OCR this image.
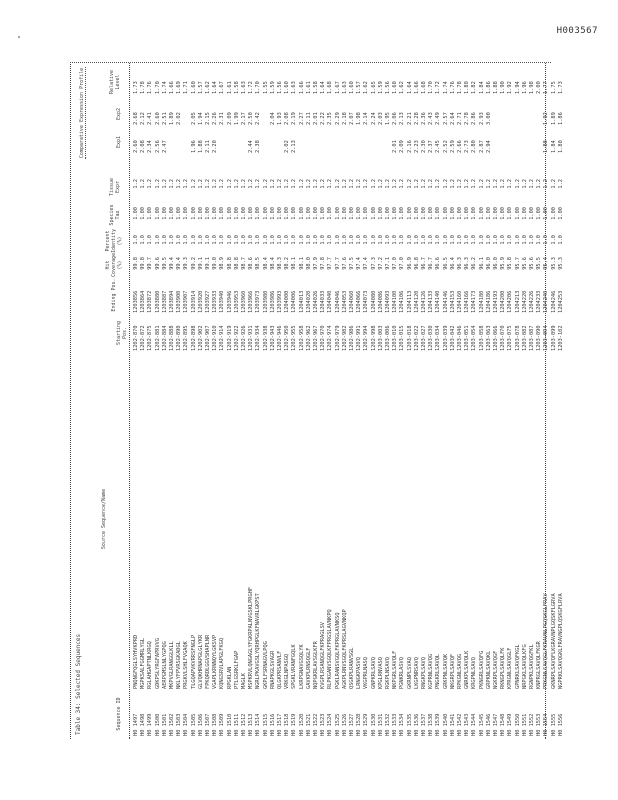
H003567
Table 34: Selected Sequences	Sequence ID
Source Sequence/Name
Starting Pos.
Ending Pos.
Hit Coverage (%)
Percent Identity (%)
Species Tax
Tissue Expr
Comparative Expression Profile	Exp1
Exp2
Relative Level
H0 1497
PNQNGFQGLSYHVKPRD
1202-870
1203856
99.8
1.0
1.00
1.2
2.60
2.68
1.73
H0 1498
MGPKSALFGGMRLYGL
1202-872
1203864
99.8
1.0
1.00
1.2
2.08
2.12
1.78
H0 1499
RGLAHGAPTNLKRGQ
1202-875
1203872
99.7
1.0
1.00
1.2
2.34
2.41
1.76
H0 1500
GDKPSLYRGFAPRVVG
1202-881
1203880
99.6
1.0
1.00
1.2
2.56
2.60
1.70
H0 1501
AERPGMSLNLYGPQG
1202-884
1203887
99.5
1.0
1.00
1.2
2.47
2.51
1.74
H0 1502
MKPVGLRANGGLKLL
1202-888
1203894
99.4
1.0
1.00
1.2
1.89
1.66
H0 1503
NKLYFPVRSGKADGL
1202-890
1203900
99.4
1.0
1.00
1.2
2.02
1.69
H0 1504
PRGKVLSHLFVGAQK
1202-895
1203907
99.3
1.0
1.00
1.2
1.71
H0 1505
TLGQAPVKVRRSFNGLP
1202-898
1203914
99.2
1.0
1.00
1.2
1.96
2.05
1.60
H0 1506
GLVQKHRNAPGLGLYKR
1202-902
1203920
99.1
1.0
1.00
1.2
1.88
1.94
1.57
H0 1507
FPKQRDLGGVSHAPLNR
1202-907
1203927
99.1
1.0
1.00
1.2
2.11
2.15
1.62
H0 1508
VGAPLKRNNQYLGKSVP
1202-910
1203933
99.0
1.0
1.00
1.2
2.20
2.26
1.64
H0 1509
KQNGSRVLAPGLFKGQ
1202-914
1203940
98.9
1.0
1.00
1.2
2.31
1.67
H0 1510
RPGKLAN
1202-919
1203946
98.8
1.0
1.00
1.2
2.09
1.61
H0 1511
PTLGSRKLFGAP
1202-922
1203953
98.8
1.0
1.00
1.2
1.99
1.58
H0 1512
MAGLK
1202-926
1203960
98.7
1.0
1.00
1.2
2.17
1.63
H0 1513
MSPKRVLQNGAGLYFGKRPALNVGSKLPRGHF
1202-931
1203966
98.6
1.0
1.00
1.2
2.44
2.50
1.72
H0 1514
NGRLPKAVGSLYQRHPGLKFNAVRLGKPST
1202-934
1203973
98.5
1.0
1.00
1.2
2.38
2.42
1.70
H0 1515
GKPLFSRNAGVLPQG
1202-938
1203980
98.4
1.0
1.00
1.2
1.55
H0 1516
RNAPKGLSVAGR
1202-943
1203986
98.4
1.0
1.00
1.2
2.04
1.59
H0 1517
QLGKPRSANVLF
1202-946
1203993
98.3
1.0
1.00
1.2
1.93
1.56
H0 1518
VRKGLNPASGQ
1202-950
1204000
98.2
1.0
1.00
1.2
2.02
2.08
1.60
H0 1519
SPGKLVRANFGQLK
1202-955
1204006
98.1
1.0
1.00
1.2
2.13
2.19
1.63
H0 1520
LKRPGNAVGSQLYK
1202-958
1204013
98.1
1.0
1.00
1.2
2.27
1.66
H0 1521
GAVKPLRNSQGLF
1202-962
1204020
98.0
1.0
1.00
1.2
2.11
1.61
H0 1522
NQPGKRLAVSGLKFR
1202-967
1204026
97.9
1.0
1.00
1.2
2.01
1.58
H0 1523
KVGPLRSANQGLFKPRAGLSV
1202-970
1204033
97.8
1.0
1.00
1.2
2.22
1.64
H0 1524
RLPKGANVSGQLKFPRGSLAVNKPQ
1202-974
1204040
97.7
1.0
1.00
1.2
2.35
1.68
H0 1525
PGKLRANSVGQLFKPRGLAVNKSQ
1202-979
1204046
97.7
1.0
1.00
1.2
2.29
1.67
H0 1526
AGKPLRNVSGQLFKPRSLAGVNKQP
1202-982
1204053
97.6
1.0
1.00
1.2
2.18
1.63
H0 1527
QSGKPLRANVSGL
1202-986
1204060
97.5
1.0
1.00
1.2
2.07
1.60
H0 1528
LRNGKPASVQ
1202-991
1204066
97.4
1.0
1.00
1.2
1.98
1.57
H0 1529
VKGPRLNASQ
1202-994
1204073
97.4
1.0
1.00
1.2
2.14
1.62
H0 1530
GNPKRLSAVQ
1202-998
1204080
97.3
1.0
1.00
1.2
2.24
1.65
H0 1531
KPGLRNVASQ
1203-003
1204086
97.2
1.0
1.00
1.2
2.03
1.59
H0 1532
RGKPLNSAVQ
1203-006
1204093
97.1
1.0
1.00
1.2
1.95
1.56
H0 1533
NKPGRLSAVQLF
1203-010
1204100
97.0
1.0
1.00
1.2
2.01
2.06
1.60
H0 1534
PGNKRLASVQ
1203-015
1204106
97.0
1.0
1.00
1.2
2.09
2.13
1.62
H0 1535
GKRNPLSVAQ
1203-018
1204113
96.9
1.0
1.00
1.2
2.16
2.21
1.64
H0 1536
LKGPNRSAVQ
1203-022
1204120
96.8
1.0
1.00
1.2
2.23
2.28
1.66
H0 1537
RNGKPLSAVQ
1203-027
1204126
96.7
1.0
1.00
1.2
2.30
2.36
1.68
H0 1538
KGPRNLSAVQG
1203-030
1204133
96.7
1.0
1.00
1.2
2.37
2.43
1.70
H0 1539
PNGKRLSAVQL
1203-034
1204140
96.6
1.0
1.00
1.2
2.45
2.49
1.72
H0 1540
GRKPNLSAVQK
1203-039
1204146
96.5
1.0
1.00
1.2
2.52
2.57
1.74
H0 1541
NKGRPLSAVQF
1203-042
1204153
96.4
1.0
1.00
1.2
2.59
2.64
1.76
H0 1542
RPKGNLSAVQG
1203-046
1204160
96.3
1.0
1.00
1.2
2.66
2.71
1.78
H0 1543
GNRKPLSAVQLK
1203-051
1204166
96.3
1.0
1.00
1.2
2.73
2.78
1.80
H0 1544
KRGPNLSAVQ
1203-054
1204173
96.2
1.0
1.00
1.2
2.80
2.86
1.82
H0 1545
PKNGRLSAVQFG
1203-058
1204180
96.1
1.0
1.00
1.2
2.87
2.93
1.84
H0 1546
GRPKNLSAVQKL
1203-063
1204186
96.0
1.0
1.00
1.2
2.94
3.00
1.86
H0 1547
NGKRPLSAVQGF
1203-066
1204193
96.0
1.0
1.00
1.2
1.88
H0 1548
RKNGPLSAVQLFK
1203-070
1204200
95.9
1.0
1.00
1.2
1.90
H0 1549
KPRGNLSAVQGLF
1203-075
1204206
95.8
1.0
1.00
1.2
1.92
H0 1550
GPNRKLSAVQFKGL
1203-078
1204213
95.7
1.0
1.00
1.2
1.94
H0 1551
NRPGKLSAVQLKFG
1203-082
1204220
95.6
1.0
1.00
1.2
1.96
H0 1552
RGNPKLSAVQGFKL
1203-087
1204226
95.6
1.0
1.00
1.2
1.98
H0 1553
KNPRGLSAVQLFKGR
1203-090
1204233
95.5
1.0
1.00
1.2
2.00
H0 1554
PRKGNLSAVQGLFKRAVNLPGQSKGLFRAV
1203-094
1204240
95.4
1.0
1.00
1.2
1.88
1.92
1.77
H0 1555
GKNRPLSAVQFLKGRAVNPLGQSKFLGRVA
1203-099
1204246
95.3
1.0
1.00
1.2
1.84
1.89
1.75
H0 1556
NGPRKLSAVQGKLFRAVNGPLQSKGFLRVA
1203-102
1204253
95.3
1.0
1.00
1.2
1.80
1.86
1.73
